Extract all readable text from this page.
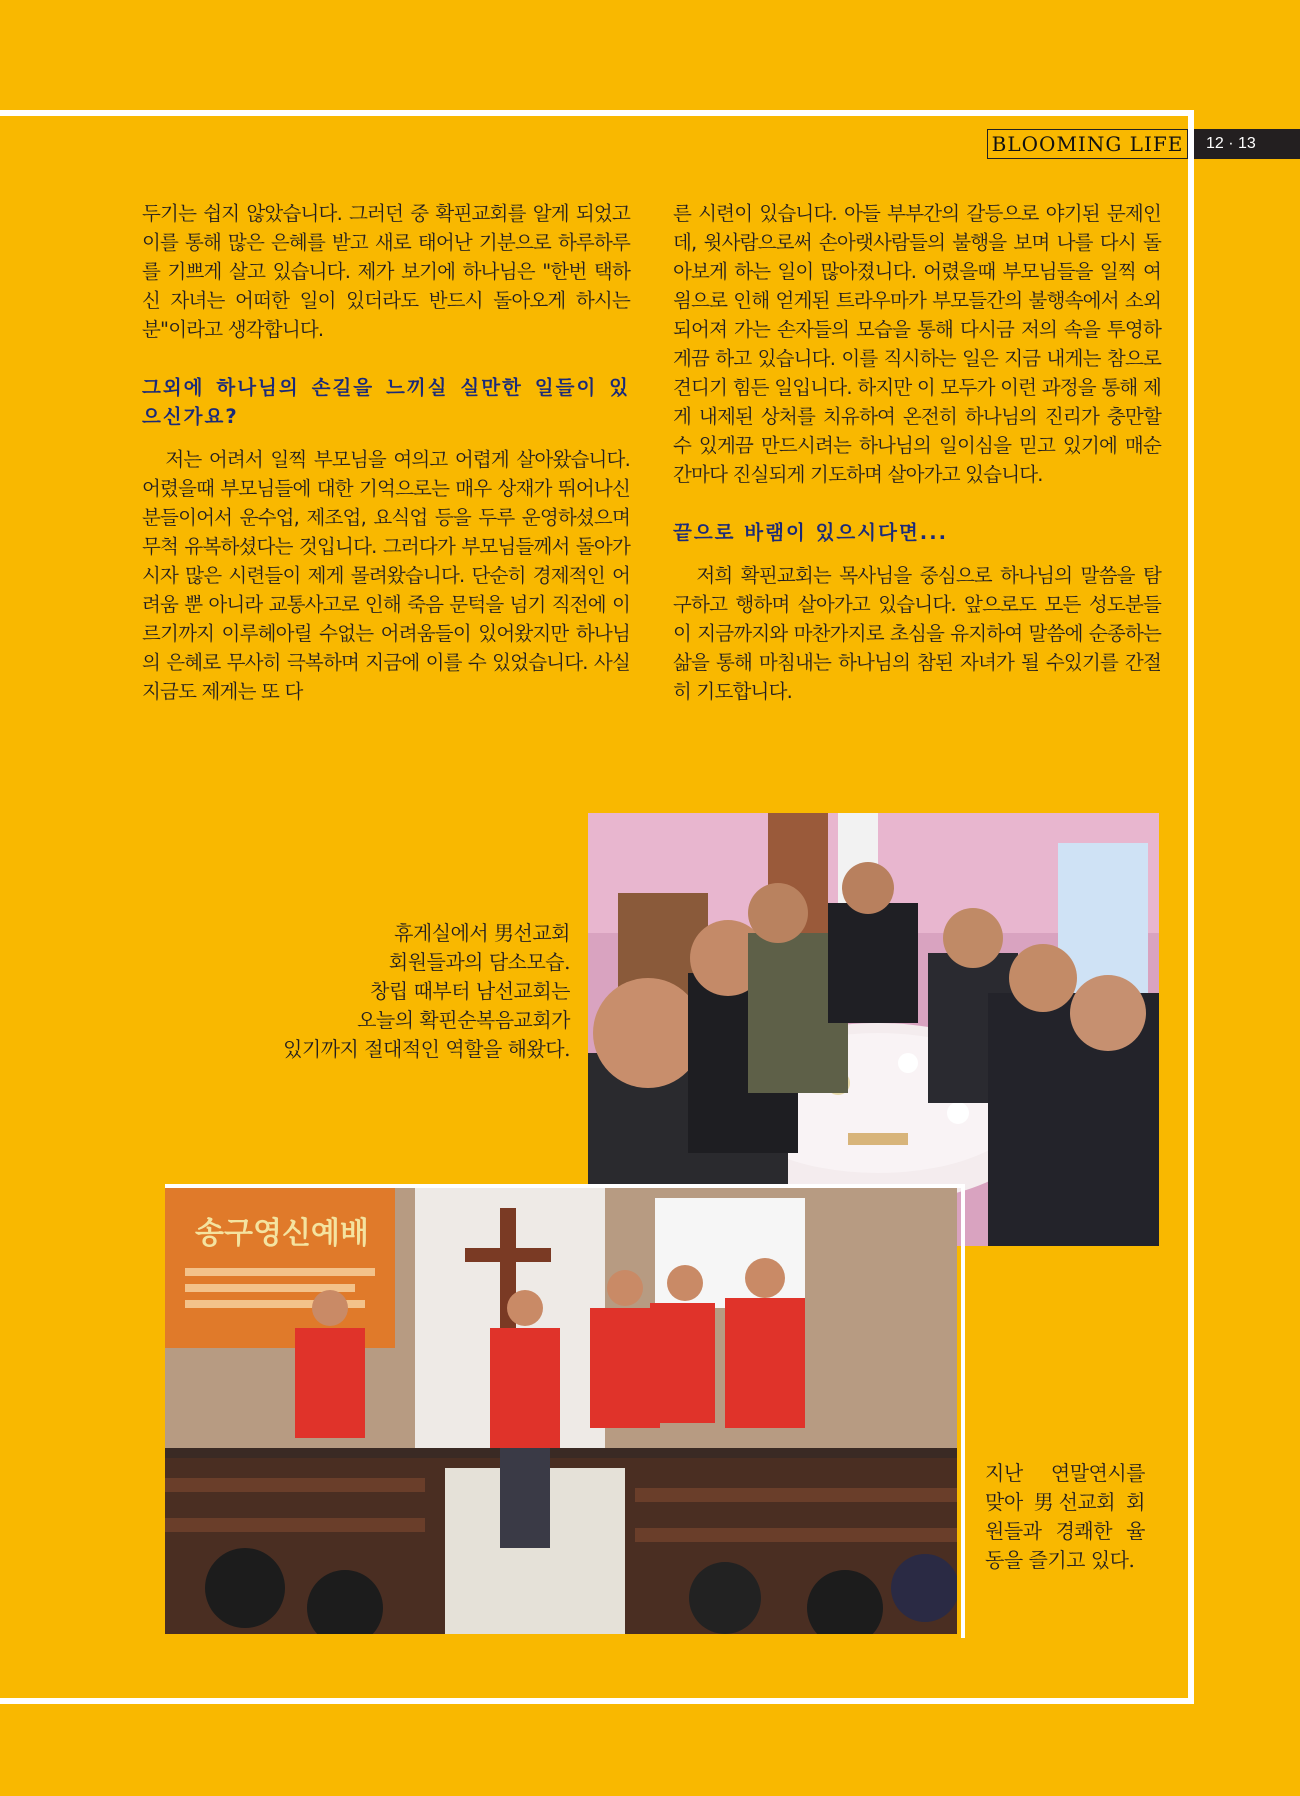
BLOOMING LIFE	12 · 13

두기는 쉽지 않았습니다. 그러던 중 확핀교회를 알게 되었고 이를 통해 많은 은혜를 받고 새로 태어난 기분으로 하루하루를 기쁘게 살고 있습니다. 제가 보기에 하나님은 "한번 택하신 자녀는 어떠한 일이 있더라도 반드시 돌아오게 하시는 분"이라고 생각합니다.

그외에 하나님의 손길을 느끼실 실만한 일들이 있으신가요?

저는 어려서 일찍 부모님을 여의고 어렵게 살아왔습니다. 어렸을때 부모님들에 대한 기억으로는 매우 상재가 뛰어나신 분들이어서 운수업, 제조업, 요식업 등을 두루 운영하셨으며 무척 유복하셨다는 것입니다. 그러다가 부모님들께서 돌아가시자 많은 시련들이 제게 몰려왔습니다. 단순히 경제적인 어려움 뿐 아니라 교통사고로 인해 죽음 문턱을 넘기 직전에 이르기까지 이루헤아릴 수없는 어려움들이 있어왔지만 하나님의 은혜로 무사히 극복하며 지금에 이를 수 있었습니다. 사실 지금도 제게는 또 다

른 시련이 있습니다. 아들 부부간의 갈등으로 야기된 문제인데, 윗사람으로써 손아랫사람들의 불행을 보며 나를 다시 돌아보게 하는 일이 많아졌니다. 어렸을때 부모님들을 일찍 여읨으로 인해 얻게된 트라우마가 부모들간의 불행속에서 소외되어져 가는 손자들의 모습을 통해 다시금 저의 속을 투영하게끔 하고 있습니다. 이를 직시하는 일은 지금 내게는 참으로 견디기 힘든 일입니다. 하지만 이 모두가 이런 과정을 통해 제게 내제된 상처를 치유하여 온전히 하나님의 진리가 충만할 수 있게끔 만드시려는 하나님의 일이심을 믿고 있기에 매순간마다 진실되게 기도하며 살아가고 있습니다.

끝으로 바램이 있으시다면...

저희 확핀교회는 목사님을 중심으로 하나님의 말씀을 탐구하고 행하며 살아가고 있습니다. 앞으로도 모든 성도분들이 지금까지와 마찬가지로 초심을 유지하여 말씀에 순종하는 삶을 통해 마침내는 하나님의 참된 자녀가 될 수있기를 간절히 기도합니다.

휴게실에서 男선교회

회원들과의 담소모습.

창립 때부터 남선교회는

오늘의 확핀순복음교회가

있기까지 절대적인 역할을 해왔다.

송구영신예배
지난 연말연시를 맞아 男선교회 회원들과 경쾌한 율동을 즐기고 있다.
